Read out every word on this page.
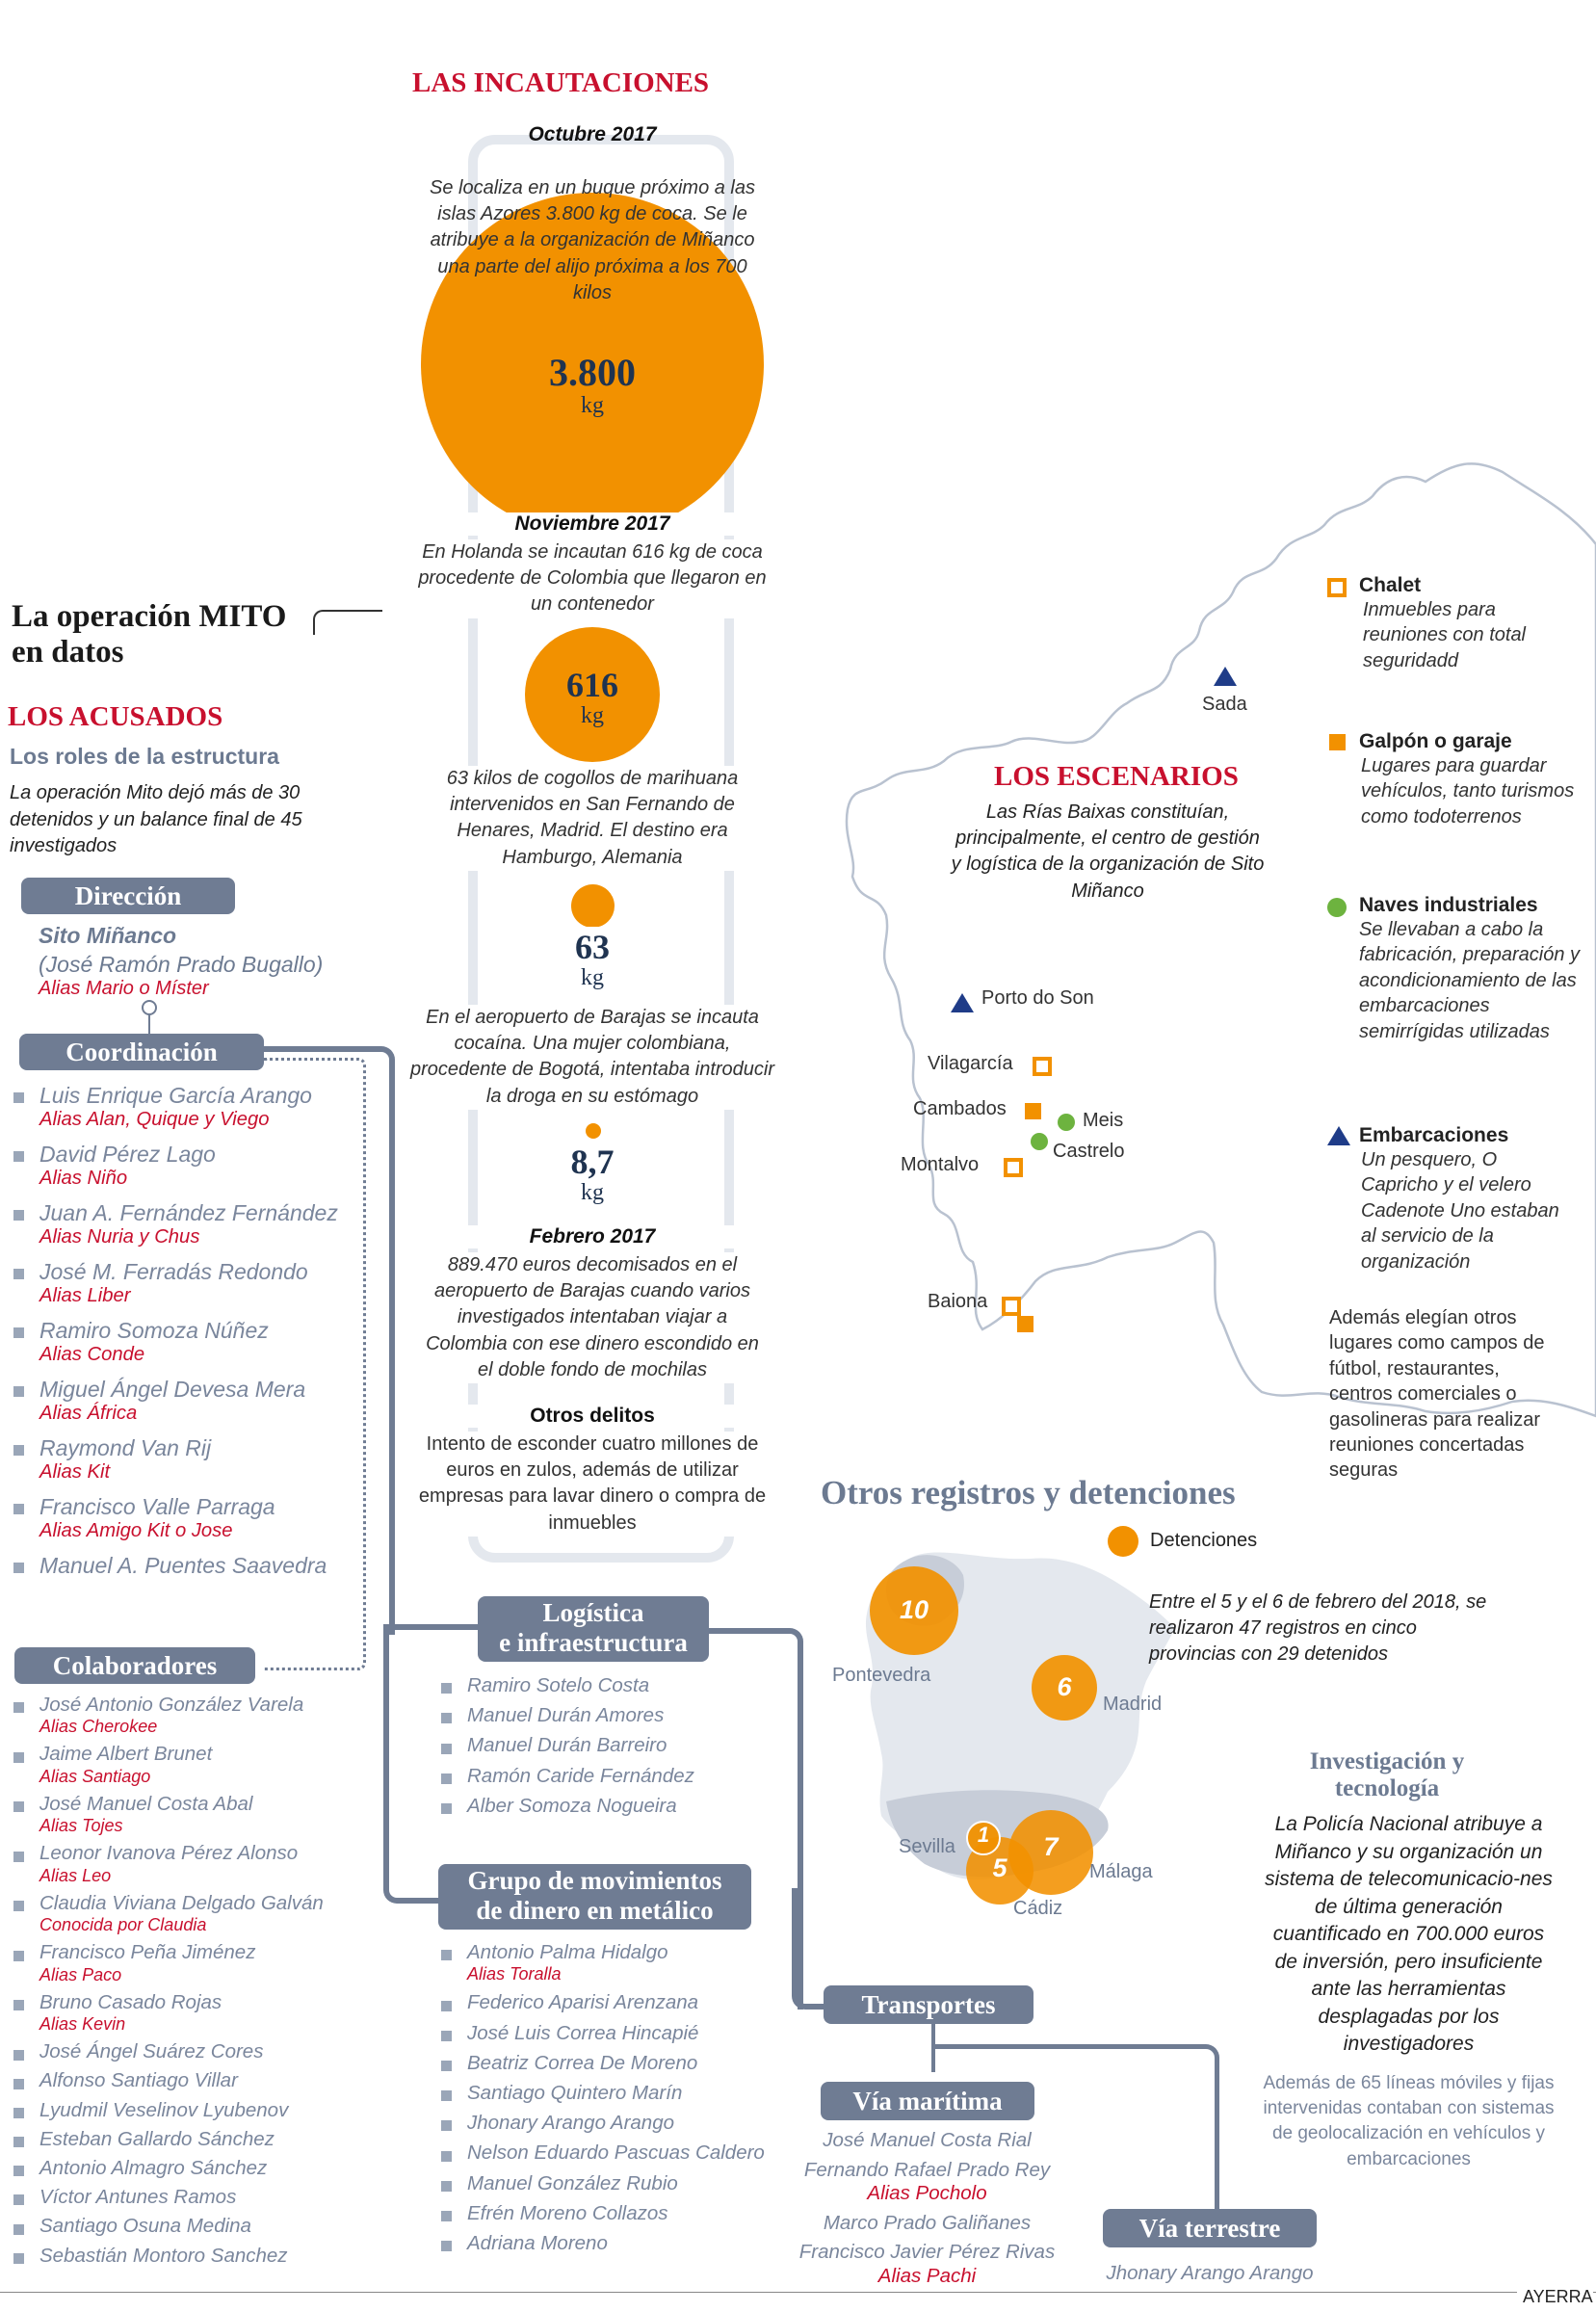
La operación MITO en datos
LOS ACUSADOS
Los roles de la estructura
La operación Mito dejó más de 30 detenidos y un balance final de 45 investigados
Dirección
Sito Miñanco
(José Ramón Prado Bugallo)
Alias Mario o Míster
Coordinación
Luis Enrique García Arango
Alias Alan, Quique y Viego
David Pérez Lago
Alias Niño
Juan A. Fernández Fernández
Alias Nuria y Chus
José M. Ferradás Redondo
Alias Liber
Ramiro Somoza Núñez
Alias Conde
Miguel Ángel Devesa Mera
Alias África
Raymond Van Rij
Alias Kit
Francisco Valle Parraga
Alias Amigo Kit o Jose
Manuel A. Puentes Saavedra
Colaboradores
José Antonio González Varela
Alias Cherokee
Jaime Albert Brunet
Alias Santiago
José Manuel Costa Abal
Alias Tojes
Leonor Ivanova Pérez Alonso
Alias Leo
Claudia Viviana Delgado Galván
Conocida por Claudia
Francisco Peña Jiménez
Alias Paco
Bruno Casado Rojas
Alias Kevin
José Ángel Suárez Cores
Alfonso Santiago Villar
Lyudmil Veselinov Lyubenov
Esteban Gallardo Sánchez
Antonio Almagro Sánchez
Víctor Antunes Ramos
Santiago Osuna Medina
Sebastián Montoro Sanchez
Logística
e infraestructura
Ramiro Sotelo Costa
Manuel Durán Amores
Manuel Durán Barreiro
Ramón Caride Fernández
Alber Somoza Nogueira
Grupo de movimientos
de dinero en metálico
Antonio Palma Hidalgo
Alias Toralla
Federico Aparisi Arenzana
José Luis Correa Hincapié
Beatriz Correa De Moreno
Santiago Quintero Marín
Jhonary Arango Arango
Nelson Eduardo Pascuas Caldero
Manuel González Rubio
Efrén Moreno Collazos
Adriana Moreno
Transportes
Vía marítima
José Manuel Costa Rial
Fernando Rafael Prado Rey
Alias Pocholo
Marco Prado Galiñanes
Francisco Javier Pérez Rivas
Alias Pachi
Vía terrestre
Jhonary Arango Arango
LAS INCAUTACIONES
Octubre 2017
Se localiza en un buque próximo a las islas Azores 3.800 kg de coca. Se le atribuye a la organización de Miñanco una parte del alijo próxima a los 700 kilos
3.800
kg
Noviembre 2017
En Holanda se incautan 616 kg de coca procedente de Colombia que llegaron en un contenedor
616
kg
63 kilos de cogollos de marihuana intervenidos en San Fernando de Henares, Madrid. El destino era Hamburgo, Alemania
63
kg
En el aeropuerto de Barajas se incauta cocaína. Una mujer colombiana, procedente de Bogotá, intentaba introducir la droga en su estómago
8,7
kg
Febrero 2017
889.470 euros decomisados en el aeropuerto de Barajas cuando varios investigados intentaban viajar a Colombia con ese dinero escondido en el doble fondo de mochilas
Otros delitos
Intento de esconder cuatro millones de euros en zulos, además de utilizar empresas para lavar dinero o compra de inmuebles
LOS ESCENARIOS
Las Rías Baixas constituían, principalmente, el centro de gestión y logística de la organización de Sito Miñanco
Sada
Porto do Son
Vilagarcía
Cambados
Meis
Castrelo
Montalvo
Baiona
Chalet
Inmuebles para reuniones con total seguridadd
Galpón o garaje
Lugares para guardar vehículos, tanto turismos como todoterrenos
Naves industriales
Se llevaban a cabo la fabricación, preparación y acondicionamiento de las embarcaciones semirrígidas utilizadas
Embarcaciones
Un pesquero, O Capricho y el velero Cadenote Uno estaban al servicio de la organización
Además elegían otros lugares como campos de fútbol, restaurantes, centros comerciales o gasolineras para realizar reuniones concertadas seguras
Otros registros y detenciones
Detenciones
10
Pontevedra	6
Madrid
5
Cádiz
7
Málaga
1
Sevilla
Entre el 5 y el 6 de febrero del 2018, se realizaron 47 registros en cinco provincias con 29 detenidos
Investigación y
tecnología
La Policía Nacional atribuye a Miñanco y su organización un sistema de telecomunicacio-nes de última generación cuantificado en 700.000 euros de inversión, pero insuficiente ante las herramientas desplagadas por los investigadores
Además de 65 líneas móviles y fijas intervenidas contaban con sistemas de geolocalización en vehículos y embarcaciones
AYERRA
